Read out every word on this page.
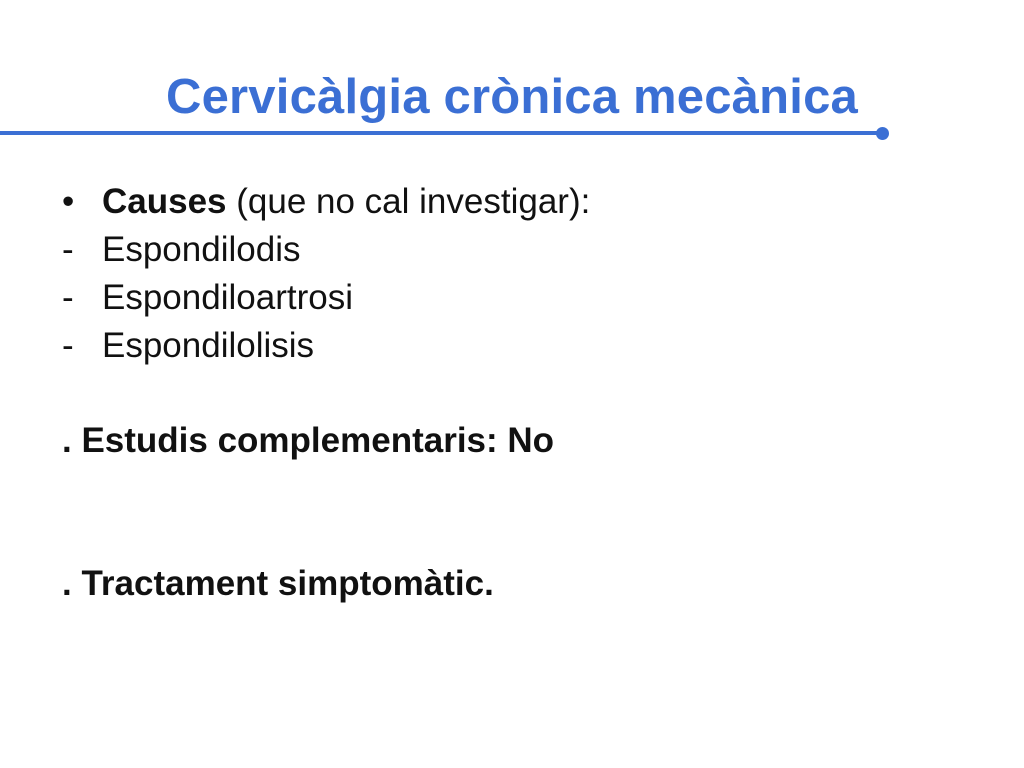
Cervicàlgia crònica mecànica
• Causes (que no cal investigar):
- Espondilodis
- Espondiloartrosi
- Espondilolisis
. Estudis complementaris: No
. Tractament simptomàtic.
